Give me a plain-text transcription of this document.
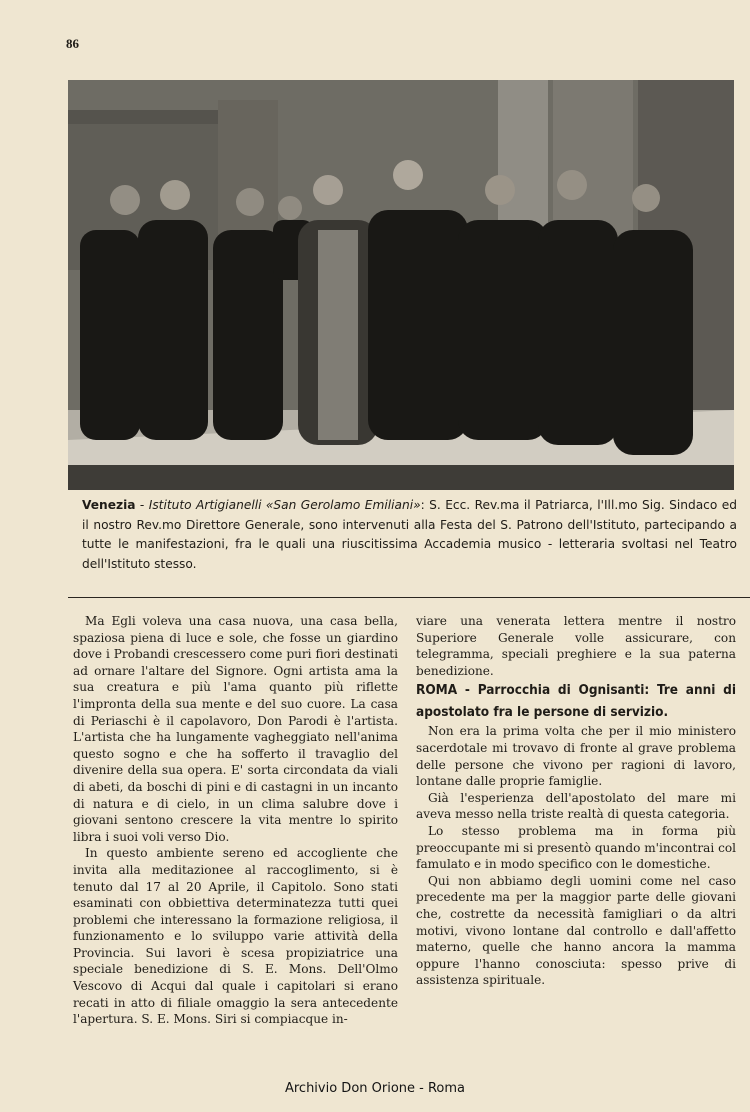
86
Venezia - Istituto Artigianelli «San Gerolamo Emiliani»: S. Ecc. Rev.ma il Patriarca, l'Ill.mo Sig. Sindaco ed il nostro Rev.mo Direttore Generale, sono intervenuti alla Festa del S. Patrono dell'Istituto, partecipando a tutte le manifestazioni, fra le quali una riuscitissima Accademia musico - letteraria svoltasi nel Teatro dell'Istituto stesso.

Ma Egli voleva una casa nuova, una casa bella, spaziosa piena di luce e sole, che fosse un giardino dove i Probandi crescessero come puri fiori destinati ad ornare l'altare del Signore. Ogni artista ama la sua creatura e più l'ama quanto più riflette l'impronta della sua mente e del suo cuore. La casa di Periaschi è il capolavoro, Don Parodi è l'artista. L'artista che ha lungamente vagheggiato nell'anima questo sogno e che ha sofferto il travaglio del divenire della sua opera. E' sorta circondata da viali di abeti, da boschi di pini e di castagni in un incanto di natura e di cielo, in un clima salubre dove i giovani sentono crescere la vita mentre lo spirito libra i suoi voli verso Dio.

In questo ambiente sereno ed accogliente che invita alla meditazionee al raccoglimento, si è tenuto dal 17 al 20 Aprile, il Capitolo. Sono stati esaminati con obbiettiva determinatezza tutti quei problemi che interessano la formazione religiosa, il funzionamento e lo sviluppo varie attività della Provincia. Sui lavori è scesa propiziatrice una speciale benedizione di S. E. Mons. Dell'Olmo Vescovo di Acqui dal quale i capitolari si erano recati in atto di filiale omaggio la sera antecedente l'apertura. S. E. Mons. Siri si compiacque in-

viare una venerata lettera mentre il nostro Superiore Generale volle assicurare, con telegramma, speciali preghiere e la sua paterna benedizione.

ROMA - Parrocchia di Ognisanti: Tre anni di apostolato fra le persone di servizio.

Non era la prima volta che per il mio ministero sacerdotale mi trovavo di fronte al grave problema delle persone che vivono per ragioni di lavoro, lontane dalle proprie famiglie.

Già l'esperienza dell'apostolato del mare mi aveva messo nella triste realtà di questa categoria.

Lo stesso problema ma in forma più preoccupante mi si presentò quando m'incontrai col famulato e in modo specifico con le domestiche.

Qui non abbiamo degli uomini come nel caso precedente ma per la maggior parte delle giovani che, costrette da necessità famigliari o da altri motivi, vivono lontane dal controllo e dall'affetto materno, quelle che hanno ancora la mamma oppure l'hanno conosciuta: spesso prive di assistenza spirituale.

Archivio Don Orione - Roma
